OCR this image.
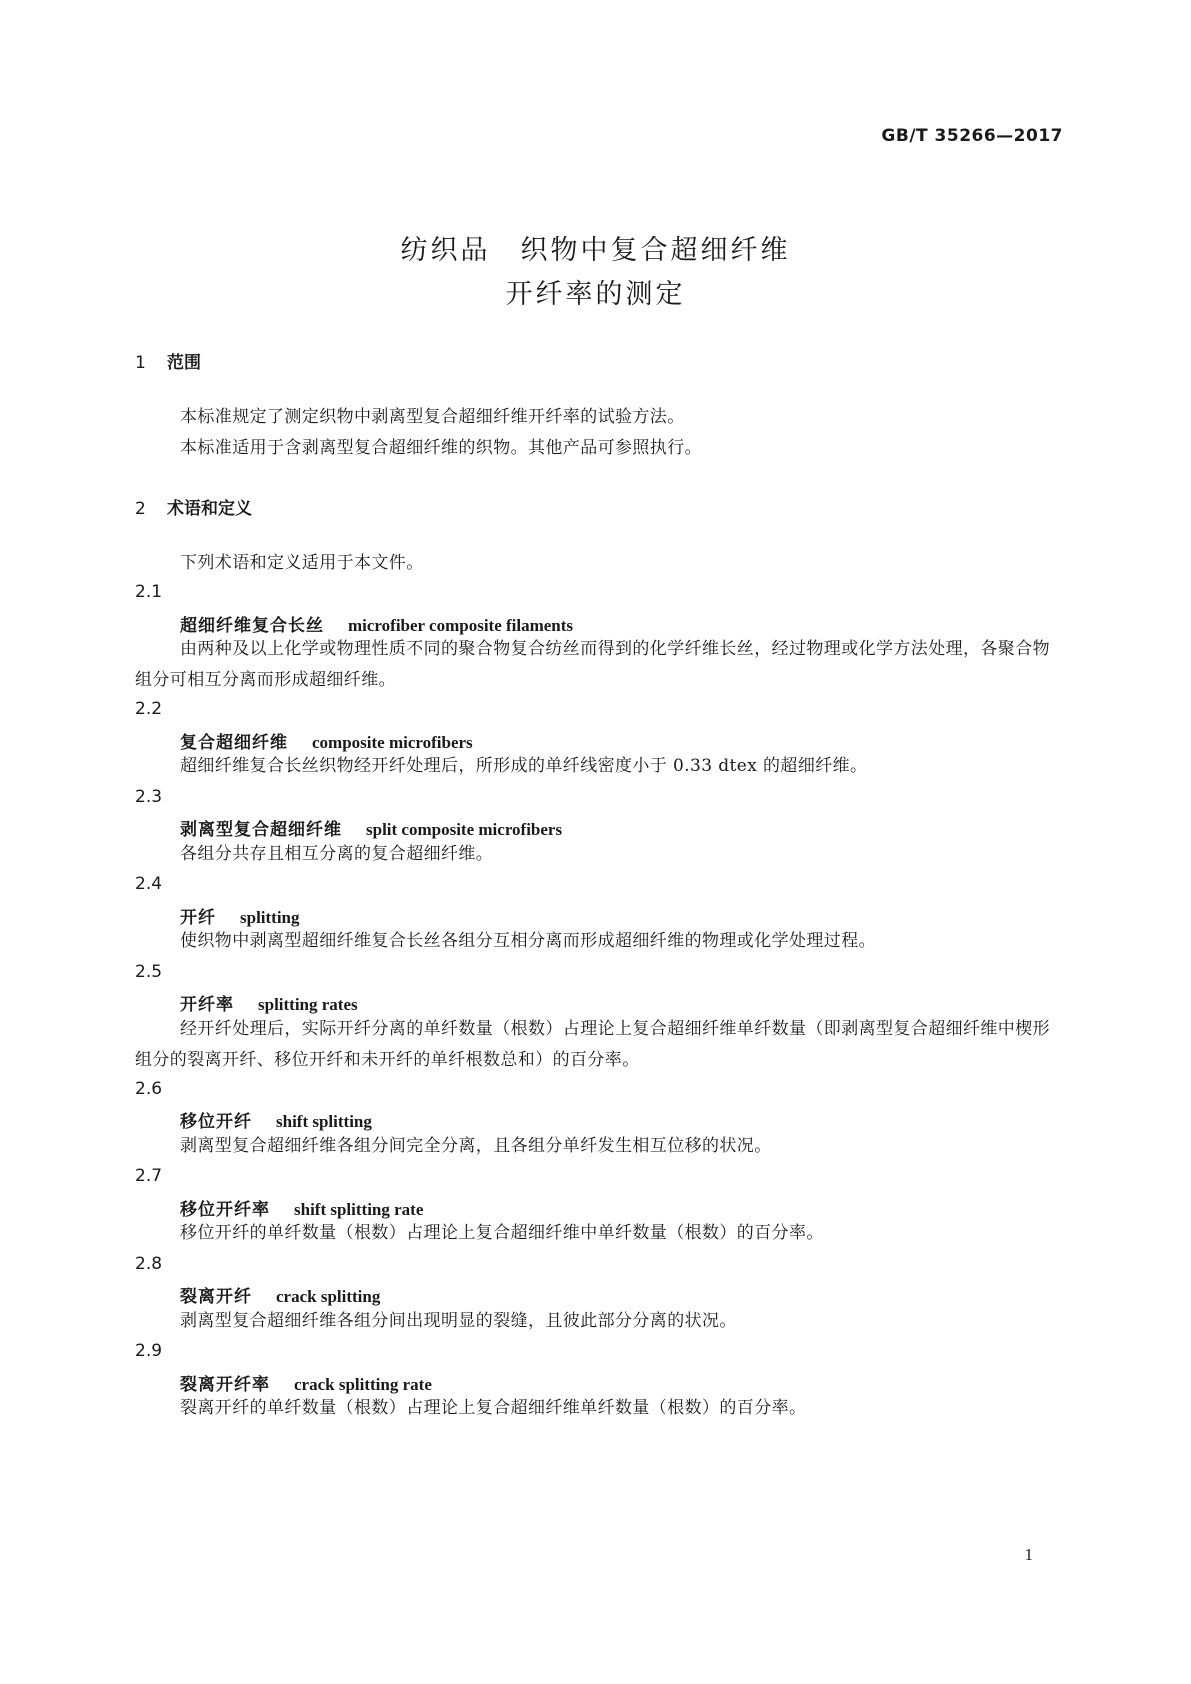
GB/T 35266—2017
纺织品　织物中复合超细纤维
开纤率的测定
1 范围
本标准规定了测定织物中剥离型复合超细纤维开纤率的试验方法。
本标准适用于含剥离型复合超细纤维的织物。其他产品可参照执行。
2 术语和定义
下列术语和定义适用于本文件。
2.1
超细纤维复合长丝 microfiber composite filaments
由两种及以上化学或物理性质不同的聚合物复合纺丝而得到的化学纤维长丝，经过物理或化学方法处理，各聚合物组分可相互分离而形成超细纤维。
2.2
复合超细纤维 composite microfibers
超细纤维复合长丝织物经开纤处理后，所形成的单纤线密度小于 0.33 dtex 的超细纤维。
2.3
剥离型复合超细纤维 split composite microfibers
各组分共存且相互分离的复合超细纤维。
2.4
开纤 splitting
使织物中剥离型超细纤维复合长丝各组分互相分离而形成超细纤维的物理或化学处理过程。
2.5
开纤率 splitting rates
经开纤处理后，实际开纤分离的单纤数量（根数）占理论上复合超细纤维单纤数量（即剥离型复合超细纤维中楔形组分的裂离开纤、移位开纤和未开纤的单纤根数总和）的百分率。
2.6
移位开纤 shift splitting
剥离型复合超细纤维各组分间完全分离，且各组分单纤发生相互位移的状况。
2.7
移位开纤率 shift splitting rate
移位开纤的单纤数量（根数）占理论上复合超细纤维中单纤数量（根数）的百分率。
2.8
裂离开纤 crack splitting
剥离型复合超细纤维各组分间出现明显的裂缝，且彼此部分分离的状况。
2.9
裂离开纤率 crack splitting rate
裂离开纤的单纤数量（根数）占理论上复合超细纤维单纤数量（根数）的百分率。
1
